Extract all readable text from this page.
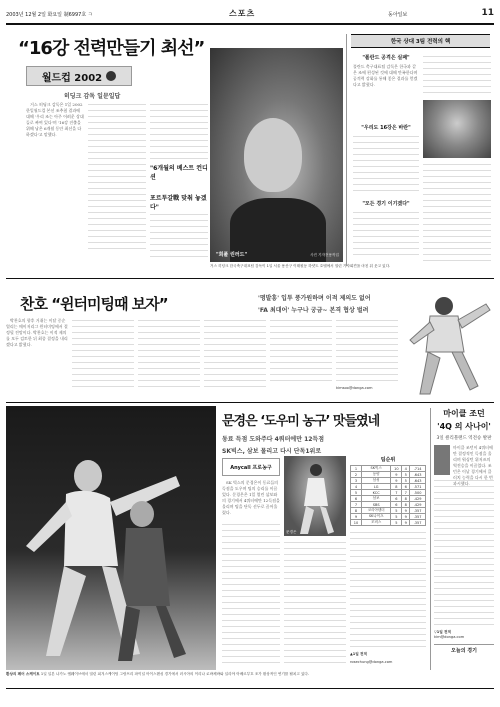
2003년 12월 2일 화요일 制6997호 ㅋ	스포츠	동아일보	11
“16강 전력만들기 최선”
월드컵 2002
히딩크 감독 일문일답

거스 히딩크 감독은 1일 2002 한일월드컵 본선 조추첨 결과에 대해 '우리 조는 아주 어려운 상대들로 짜여 있다'며 '16강 진출을 위해 남은 6개월 동안 최선을 다하겠다'고 말했다.

"6개월의 베스트 컨디션
포르투갈戰 맞춰 놓겠다"
"희풀 린러드"	사진 기자전용작업
거스 히딩크 한국축구대표팀 감독이 1일 서울 용산구 이태원동 하얏트 호텔에서 열린 기자회견을 마친 뒤 웃고 있다.
한국 상대 3팀 전력의 핵
"폴란드 공격은 실패"
폴란드 축구대표팀 감독은 한국과 같은 조에 편성된 것에 대해 만족한다며 공격력 강화를 통해 좋은 결과를 얻겠다고 밝혔다.
"우리도 16강은 바란"
"모든 경기 이기겠다"
찬호 “윈터미팅때 보자”	'명발흥' 입투 풍가원하며 이적 제의도 없어
'FA 최대어' 누구나 궁금~ 본격 협상 벌려

박찬호의 향후 거취는 이달 중순 열리는 메이저리그 윈터미팅에서 결정될 전망이다. 박찬호는 이적 제의를 모두 검토한 뒤 최종 결정을 내리겠다고 밝혔다.

kimsoo@donga.com
환상의 페어 스케이트 1일 일본 나가노 엠웨이브에서 열린 피겨스케이팅 그랑프리 파이널 아이스댄싱 경기에서 러시아의 이리나 로바체바와 일리야 아베르부흐 조가 환상적인 연기를 펼치고 있다.
문경은 ‘도우미 농구’ 맛들였네
동료 득점 도와주다 4쿼터에만 12득점
SK빅스, 삼보 물리고 다시 단독1위로
Anycall 프로농구

SK 빅스의 문경은이 동료들의 득점을 도우며 팀의 승리를 이끌었다. 문경은은 1일 열린 삼보와의 경기에서 4쿼터에만 12득점을 올리며 팀을 단독 선두로 끌어올렸다.

문경은
팀순위
1	SK빅스	10	4	.714
2	동양	9	5	.643
3	삼성	9	5	.643
4	LG	8	6	.571
5	KCC	7	7	.500
6	삼보	6	8	.429
7	SBS	6	8	.429
8	코리아텐더	5	9	.357
9	SK나이츠	5	9	.357
10	모비스	5	9	.357
▲1일 전적
rosechung@donga.com
마이클 조던
'4Q 의 사나이'
3일 클리블랜드 역전승 발판
마이클 조던이 4쿼터에만 결정적인 득점을 올리며 워싱턴 위저즈의 역전승을 이끌었다. 조던은 이날 경기에서 클러치 능력을 다시 한 번 과시했다.
▽1일 전적
kim@donga.com
오늘의 경기
